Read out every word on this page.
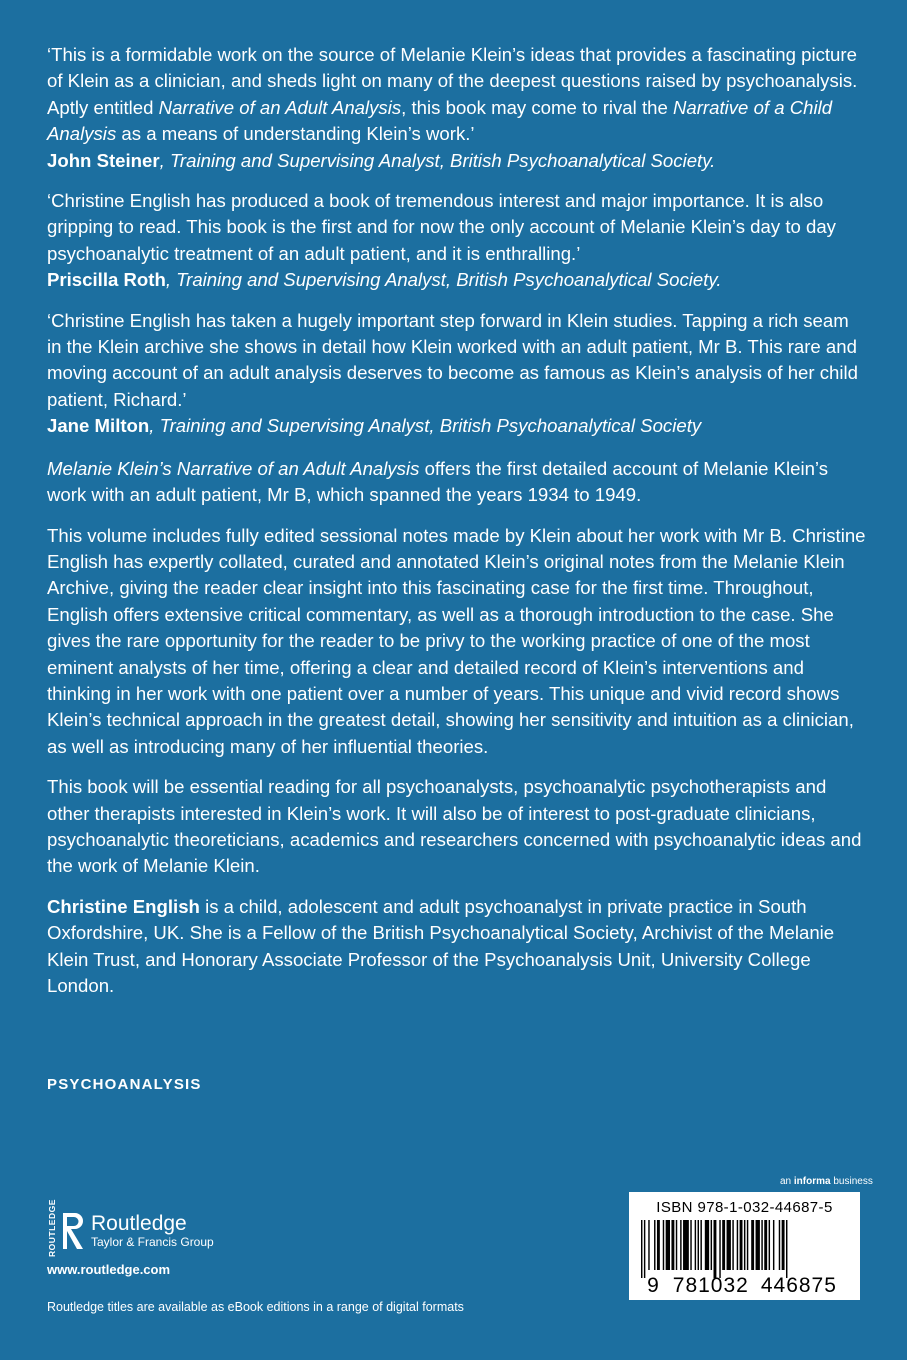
‘This is a formidable work on the source of Melanie Klein’s ideas that provides a fascinating picture of Klein as a clinician, and sheds light on many of the deepest questions raised by psychoanalysis. Aptly entitled Narrative of an Adult Analysis, this book may come to rival the Narrative of a Child Analysis as a means of understanding Klein’s work.’
John Steiner, Training and Supervising Analyst, British Psychoanalytical Society.

‘Christine English has produced a book of tremendous interest and major importance. It is also gripping to read. This book is the first and for now the only account of Melanie Klein’s day to day psychoanalytic treatment of an adult patient, and it is enthralling.’
Priscilla Roth, Training and Supervising Analyst, British Psychoanalytical Society.

‘Christine English has taken a hugely important step forward in Klein studies. Tapping a rich seam in the Klein archive she shows in detail how Klein worked with an adult patient, Mr B. This rare and moving account of an adult analysis deserves to become as famous as Klein’s analysis of her child patient, Richard.’
Jane Milton, Training and Supervising Analyst, British Psychoanalytical Society

Melanie Klein’s Narrative of an Adult Analysis offers the first detailed account of Melanie Klein’s work with an adult patient, Mr B, which spanned the years 1934 to 1949.

This volume includes fully edited sessional notes made by Klein about her work with Mr B. Christine English has expertly collated, curated and annotated Klein’s original notes from the Melanie Klein Archive, giving the reader clear insight into this fascinating case for the first time. Throughout, English offers extensive critical commentary, as well as a thorough introduction to the case. She gives the rare opportunity for the reader to be privy to the working practice of one of the most eminent analysts of her time, offering a clear and detailed record of Klein’s interventions and thinking in her work with one patient over a number of years. This unique and vivid record shows Klein’s technical approach in the greatest detail, showing her sensitivity and intuition as a clinician, as well as introducing many of her influential theories.

This book will be essential reading for all psychoanalysts, psychoanalytic psychotherapists and other therapists interested in Klein’s work. It will also be of interest to post-graduate clinicians, psychoanalytic theoreticians, academics and researchers concerned with psychoanalytic ideas and the work of Melanie Klein.

Christine English is a child, adolescent and adult psychoanalyst in private practice in South Oxfordshire, UK. She is a Fellow of the British Psychoanalytical Society, Archivist of the Melanie Klein Trust, and Honorary Associate Professor of the Psychoanalysis Unit, University College London.

PSYCHOANALYSIS
ROUTLEDGE Routledge
Taylor & Francis Group
www.routledge.com
Routledge titles are available as eBook editions in a range of digital formats
an informa business
ISBN 978-1-032-44687-5
9 781032 446875
